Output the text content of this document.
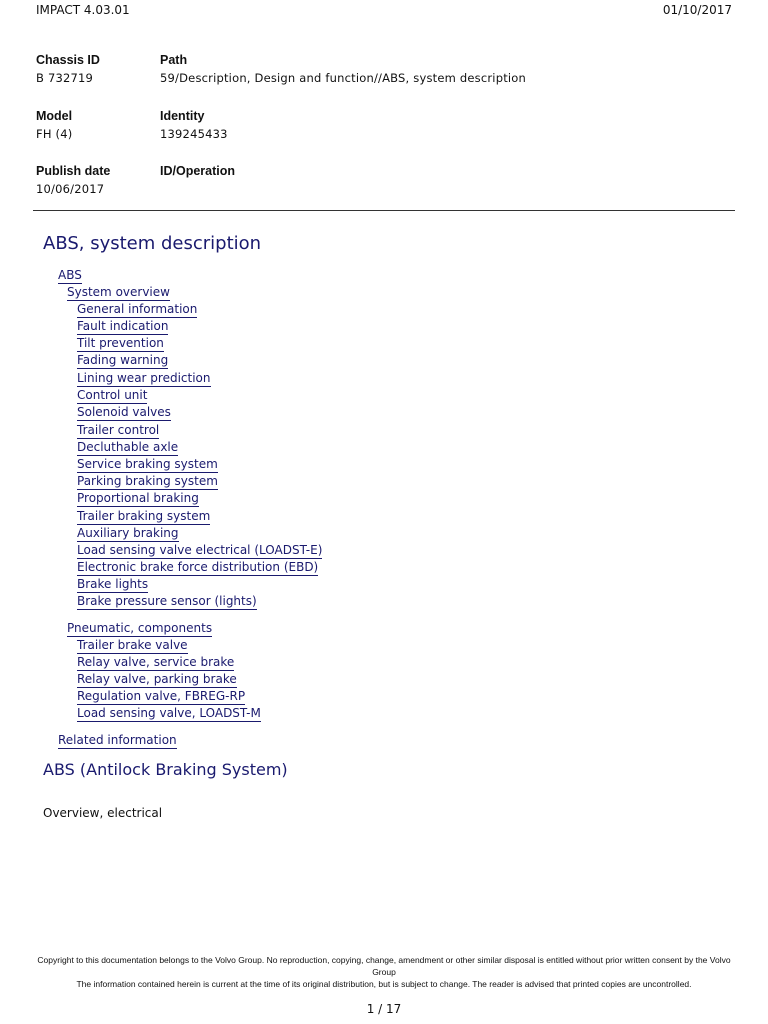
IMPACT 4.03.01	01/10/2017
Chassis ID
B 732719
Path
59/Description, Design and function//ABS, system description
Model
FH (4)
Identity
139245433
Publish date
10/06/2017
ID/Operation
ABS, system description
ABS
System overview
General information
Fault indication
Tilt prevention
Fading warning
Lining wear prediction
Control unit
Solenoid valves
Trailer control
Decluthable axle
Service braking system
Parking braking system
Proportional braking
Trailer braking system
Auxiliary braking
Load sensing valve electrical (LOADST-E)
Electronic brake force distribution (EBD)
Brake lights
Brake pressure sensor (lights)
Pneumatic, components
Trailer brake valve
Relay valve, service brake
Relay valve, parking brake
Regulation valve, FBREG-RP
Load sensing valve, LOADST-M
Related information
ABS (Antilock Braking System)
Overview, electrical
Copyright to this documentation belongs to the Volvo Group. No reproduction, copying, change, amendment or other similar disposal is entitled without prior written consent by the Volvo Group
The information contained herein is current at the time of its original distribution, but is subject to change. The reader is advised that printed copies are uncontrolled.
1 / 17
